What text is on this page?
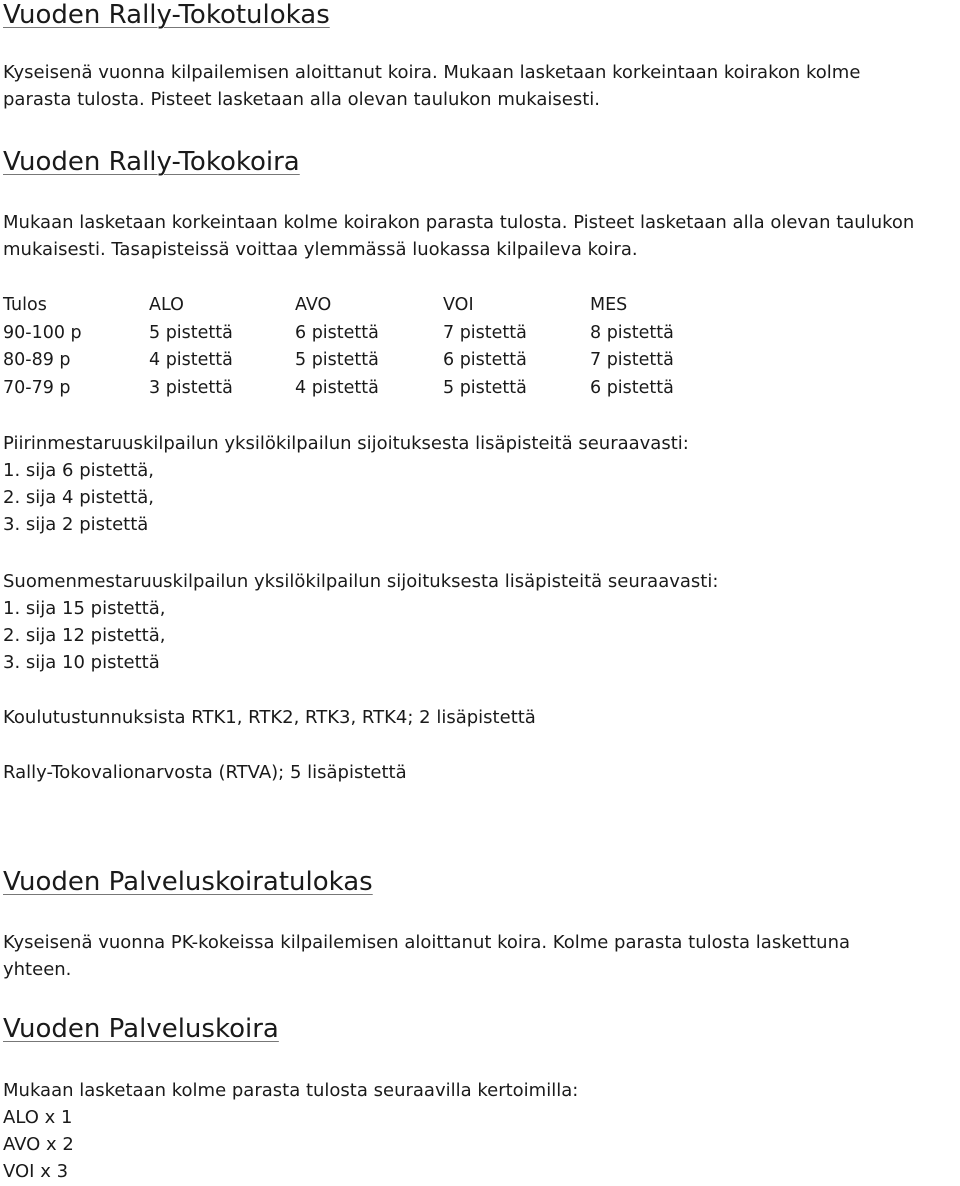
Vuoden Rally-Tokotulokas
Kyseisenä vuonna kilpailemisen aloittanut koira. Mukaan lasketaan korkeintaan koirakon kolme
parasta tulosta. Pisteet lasketaan alla olevan taulukon mukaisesti.
Vuoden Rally-Tokokoira
Mukaan lasketaan korkeintaan kolme koirakon parasta tulosta. Pisteet lasketaan alla olevan taulukon
mukaisesti. Tasapisteissä voittaa ylemmässä luokassa kilpaileva koira.
Tulos	ALO	AVO	VOI	MES
90-100 p	5 pistettä	6 pistettä	7 pistettä	8 pistettä
80-89 p	4 pistettä	5 pistettä	6 pistettä	7 pistettä
70-79 p	3 pistettä	4 pistettä	5 pistettä	6 pistettä
Piirinmestaruuskilpailun yksilökilpailun sijoituksesta lisäpisteitä seuraavasti:
1. sija 6 pistettä,
2. sija 4 pistettä,
3. sija 2 pistettä
Suomenmestaruuskilpailun yksilökilpailun sijoituksesta lisäpisteitä seuraavasti:
1. sija 15 pistettä,
2. sija 12 pistettä,
3. sija 10 pistettä
Koulutustunnuksista RTK1, RTK2, RTK3, RTK4; 2 lisäpistettä
Rally-Tokovalionarvosta (RTVA); 5 lisäpistettä
Vuoden Palveluskoiratulokas
Kyseisenä vuonna PK-kokeissa kilpailemisen aloittanut koira. Kolme parasta tulosta laskettuna
yhteen.
Vuoden Palveluskoira
Mukaan lasketaan kolme parasta tulosta seuraavilla kertoimilla:
ALO x 1
AVO x 2
VOI x 3
